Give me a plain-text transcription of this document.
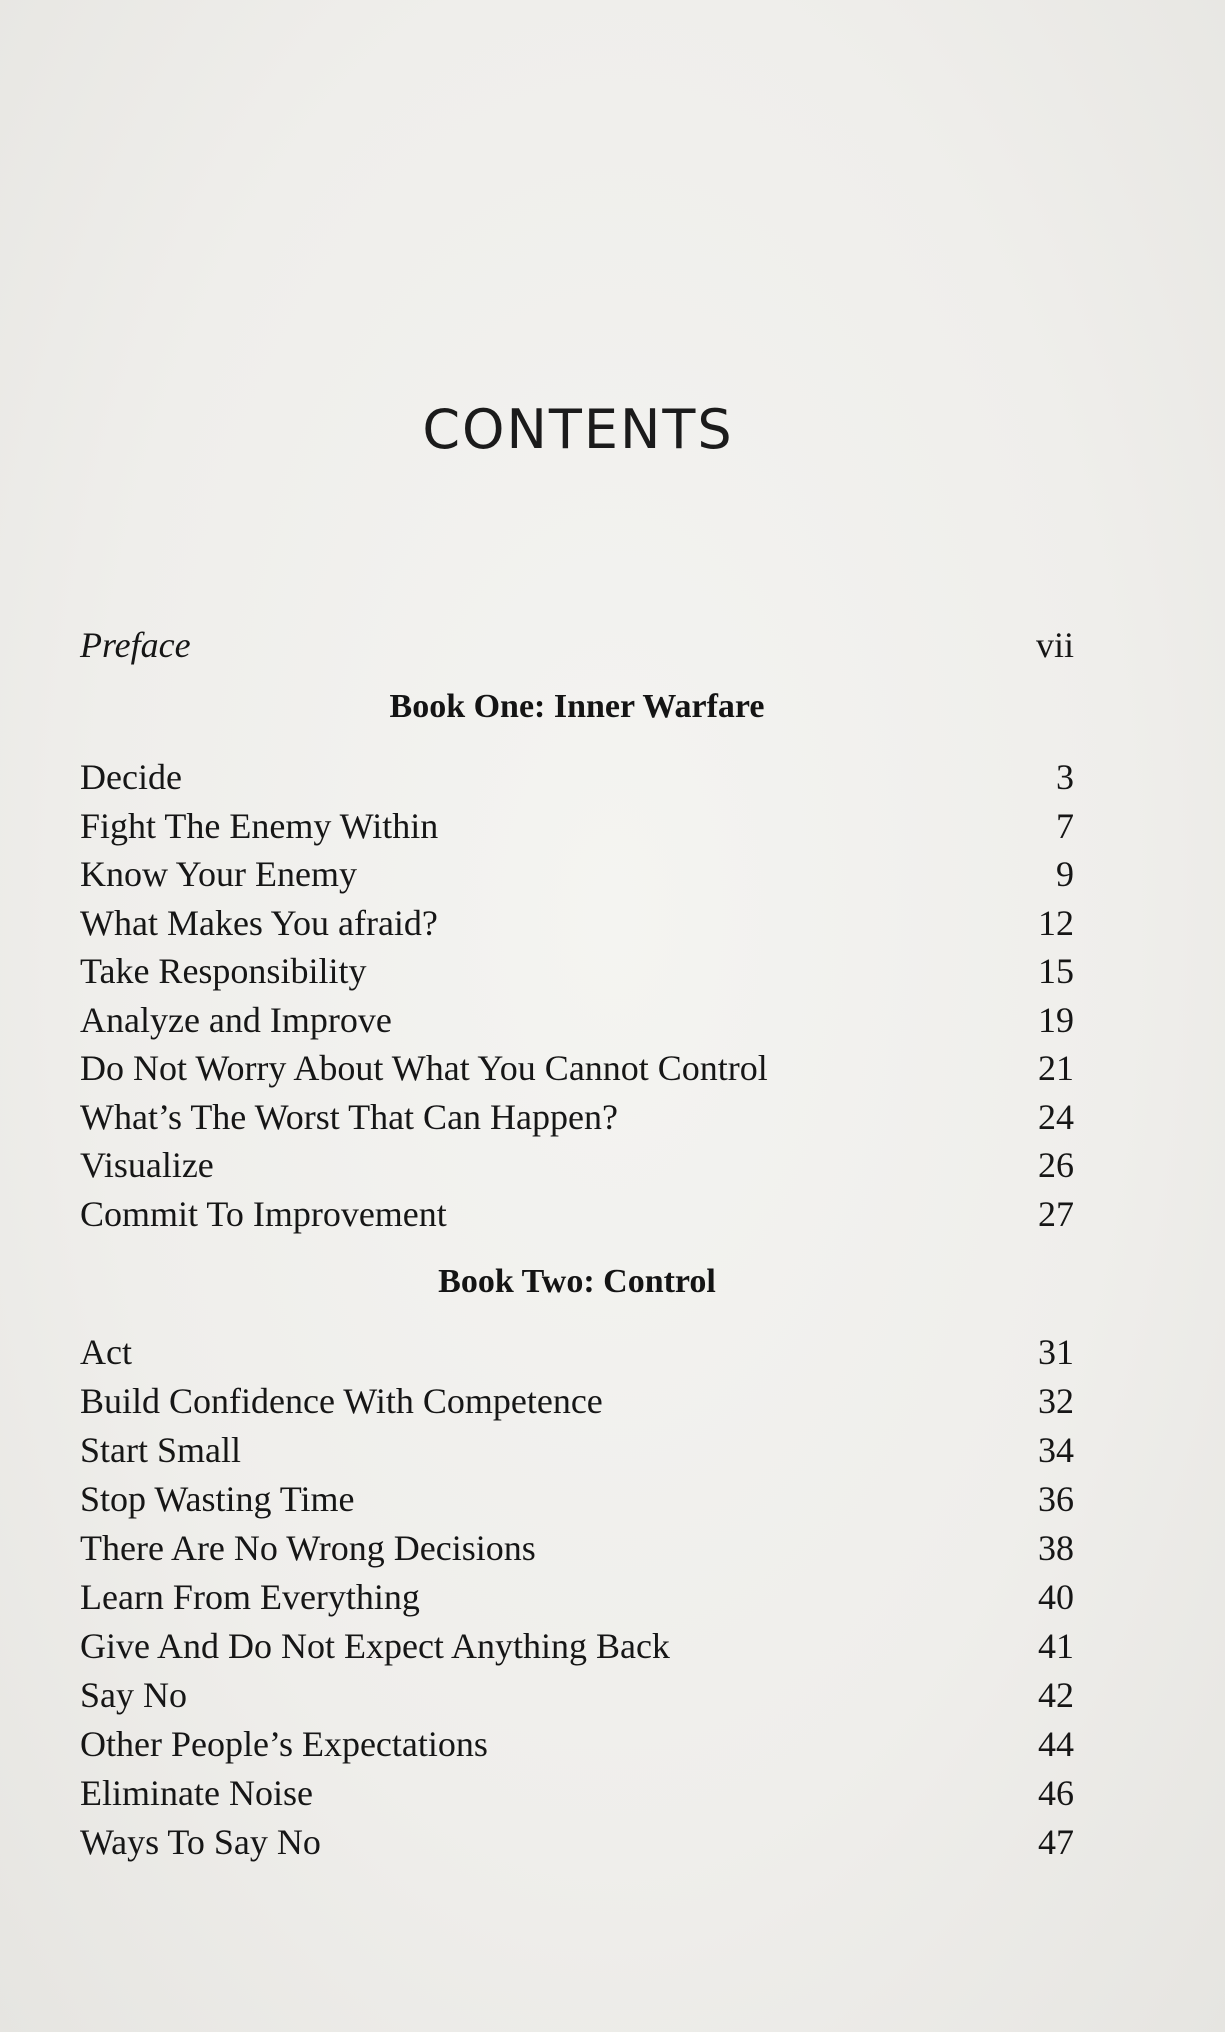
CONTENTS
Preface	vii
Book One: Inner Warfare
Decide	3
Fight The Enemy Within	7
Know Your Enemy	9
What Makes You afraid?	12
Take Responsibility	15
Analyze and Improve	19
Do Not Worry About What You Cannot Control	21
What’s The Worst That Can Happen?	24
Visualize	26
Commit To Improvement	27
Book Two: Control
Act	31
Build Confidence With Competence	32
Start Small	34
Stop Wasting Time	36
There Are No Wrong Decisions	38
Learn From Everything	40
Give And Do Not Expect Anything Back	41
Say No	42
Other People’s Expectations	44
Eliminate Noise	46
Ways To Say No	47
